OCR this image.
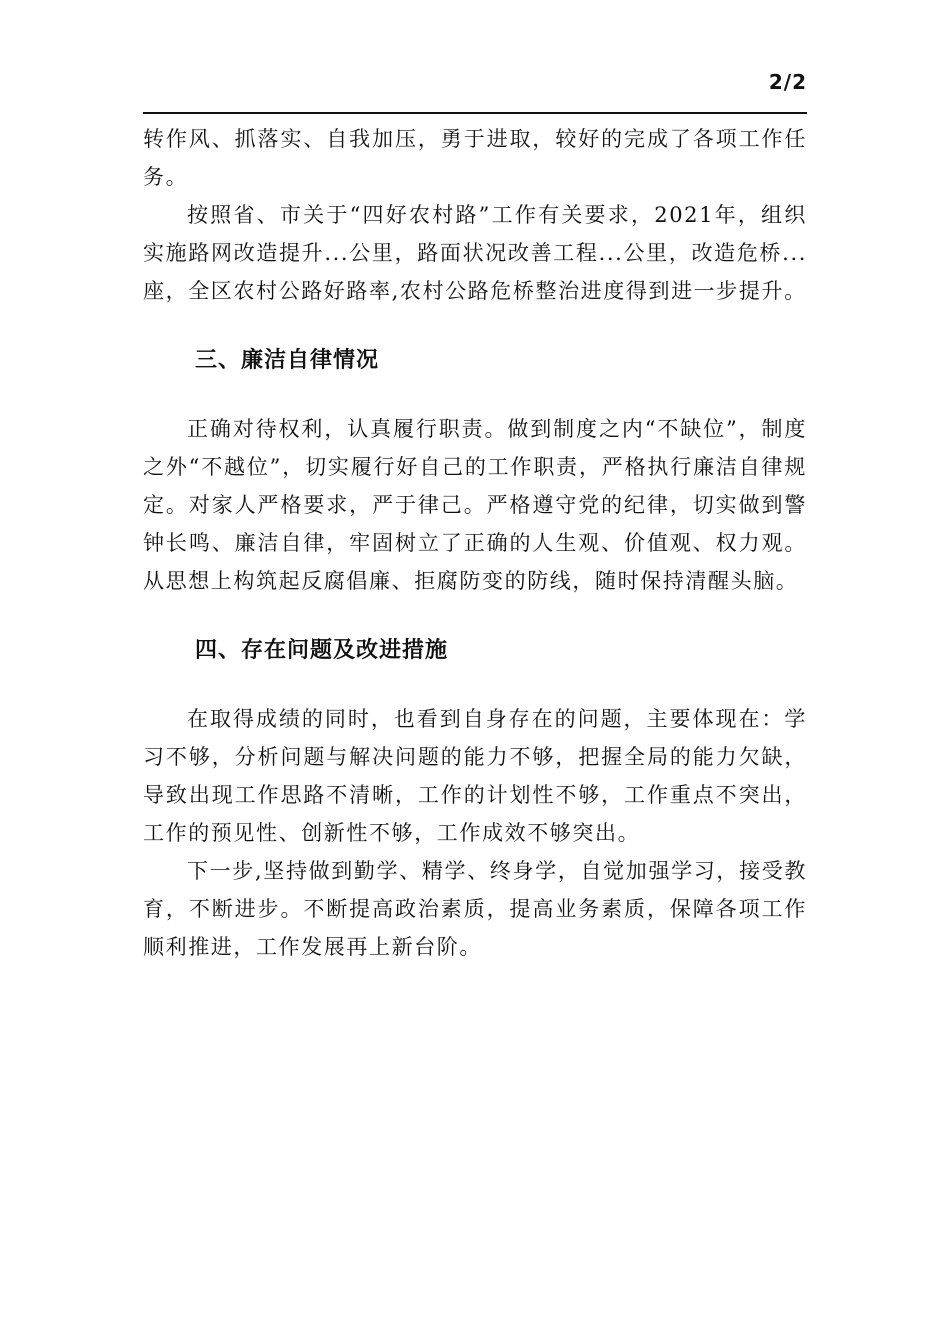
2/2

转作风、抓落实、自我加压，勇于进取，较好的完成了各项工作任务。

按照省、市关于“四好农村路”工作有关要求，2021年，组织实施路网改造提升...公里，路面状况改善工程...公里，改造危桥...座，全区农村公路好路率,农村公路危桥整治进度得到进一步提升。

三、廉洁自律情况

正确对待权利，认真履行职责。做到制度之内“不缺位”，制度之外“不越位”，切实履行好自己的工作职责，严格执行廉洁自律规定。对家人严格要求，严于律己。严格遵守党的纪律，切实做到警钟长鸣、廉洁自律，牢固树立了正确的人生观、价值观、权力观。从思想上构筑起反腐倡廉、拒腐防变的防线，随时保持清醒头脑。

四、存在问题及改进措施

在取得成绩的同时，也看到自身存在的问题，主要体现在：学习不够，分析问题与解决问题的能力不够，把握全局的能力欠缺，导致出现工作思路不清晰，工作的计划性不够，工作重点不突出，工作的预见性、创新性不够，工作成效不够突出。

下一步,坚持做到勤学、精学、终身学，自觉加强学习，接受教育，不断进步。不断提高政治素质，提高业务素质，保障各项工作顺利推进，工作发展再上新台阶。
